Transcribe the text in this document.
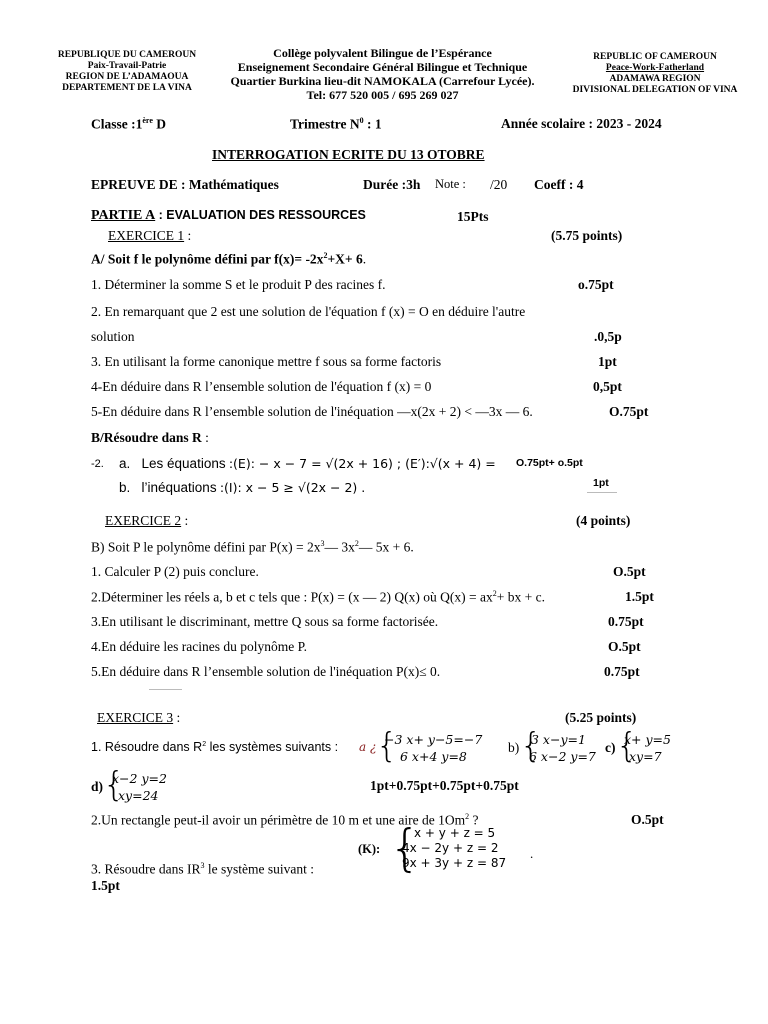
REPUBLIQUE DU CAMEROUN
Paix-Travail-Patrie
REGION DE L’ADAMAOUA
DEPARTEMENT DE LA VINA
Collège polyvalent Bilingue de l’Espérance
Enseignement Secondaire Général Bilingue et Technique
Quartier Burkina lieu-dit NAMOKALA (Carrefour Lycée).
Tel: 677 520 005 / 695 269 027
REPUBLIC OF CAMEROUN
Peace-Work-Fatherland
ADAMAWA REGION
DIVISIONAL DELEGATION OF VINA
Classe :1ère D	Trimestre $N^0$ : 1	Année scolaire : 2023 - 2024
INTERROGATION ECRITE DU 13 OTOBRE
EPREUVE DE : Mathématiques	Durée :3h Note : /20 Coeff : 4
PARTIE A : EVALUATION DES RESSOURCES	15Pts
EXERCICE 1 :	(5.75 points)
A/ Soit f le polynôme défini par $f(x)= -2x^2+X+ 6$.
1. Déterminer la somme S et le produit P des racines f.	o.75pt
2. En remarquant que 2 est une solution de l'équation f (x) = O en déduire l'autre
solution	.0,5p
3. En utilisant la forme canonique mettre f sous sa forme factoris	1pt
4-En déduire dans R l’ensemble solution de l'équation f (x) = 0	0,5pt
5-En déduire dans R l’ensemble solution de l'inéquation —x(2x + 2) < —3x — 6.	O.75pt
B/Résoudre dans R :
-2. a. Les équations :(E): − x − 7 = √(2x + 16) ; (E′):√(x + 4) = O.75pt+ o.5pt
b. l’inéquations :(I): x − 5 ≥ √(2x − 2) .	1pt
EXERCICE 2 :	(4 points)
B) Soit P le polynôme défini par $P(x) = 2x^3—$ $3x^2—$ 5x + 6.
1. Calculer P (2) puis conclure.	O.5pt
2.Déterminer les réels a, b et c tels que : P(x) = (x — 2) Q(x) où $Q(x) = ax^2+$ bx + c.	1.5pt
3.En utilisant le discriminant, mettre Q sous sa forme factorisée.	0.75pt
4.En déduire les racines du polynôme P.	O.5pt
5.En déduire dans R l’ensemble solution de l'inéquation P(x)≤ 0.	0.75pt
EXERCICE 3 :	(5.25 points)
1. Résoudre dans $R^2$ les systèmes suivants : a ¿ {
−3 x+ y−5=−7
6 x+4 y=8
b) {
3 x−y=1
6 x−2 y=7
c) {
x+ y=5
xy=7
d) {
x−2 y=2
xy=24
1pt+0.75pt+0.75pt+0.75pt
2.Un rectangle peut-il avoir un périmètre de 10 m et une aire de 1Om$^2$ ?	O.5pt
(K): {
x + y + z = 5
4x − 2y + z = 2
9x + 3y + z = 87
.
3. Résoudre dans $IR^3$ le système suivant :
1.5pt
